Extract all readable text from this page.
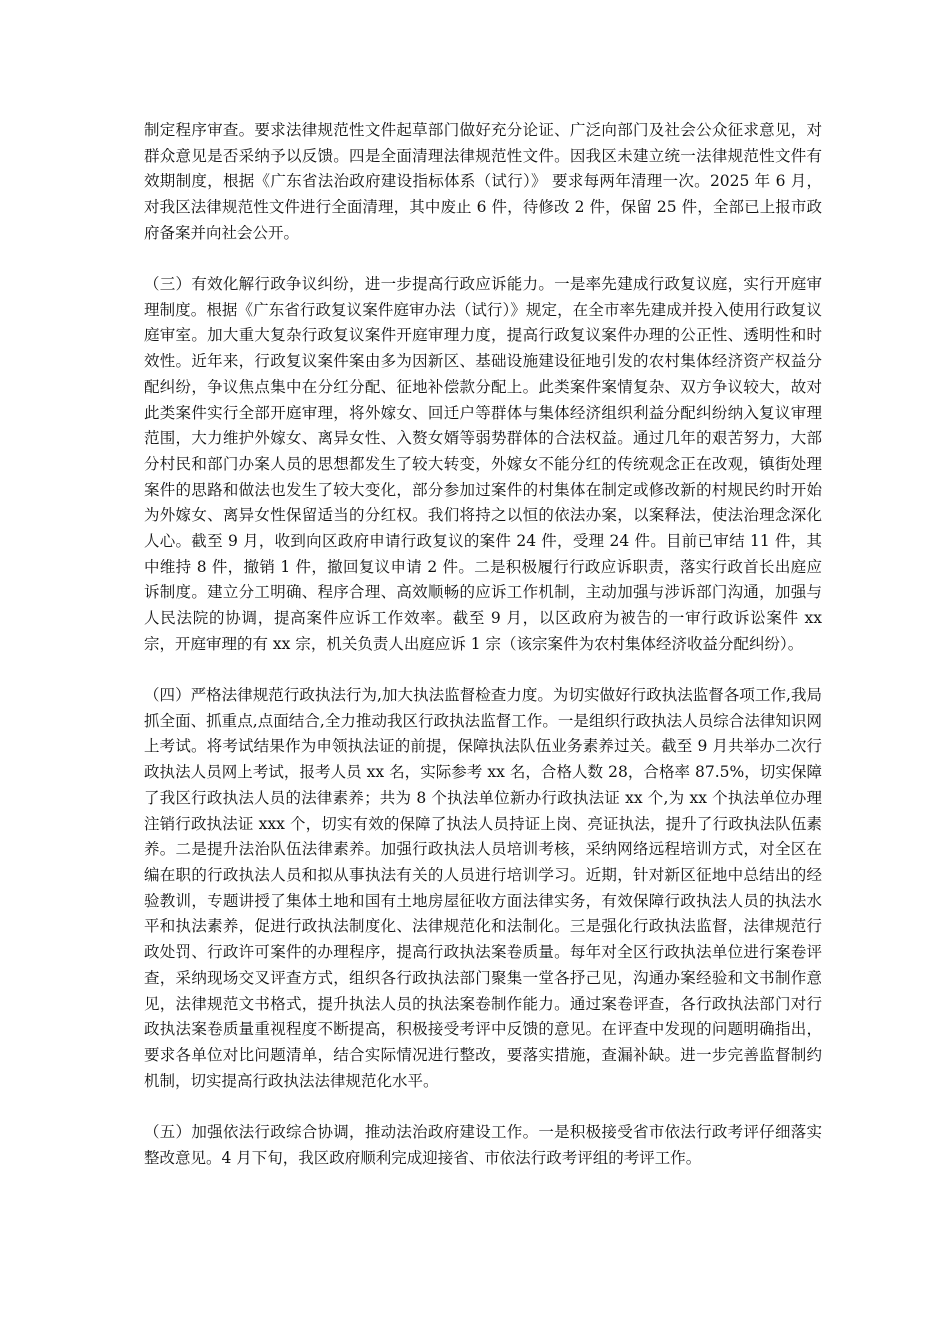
制定程序审查。要求法律规范性文件起草部门做好充分论证、广泛向部门及社会公众征求意见，对群众意见是否采纳予以反馈。四是全面清理法律规范性文件。因我区未建立统一法律规范性文件有效期制度，根据《广东省法治政府建设指标体系（试行）》 要求每两年清理一次。2025 年 6 月，对我区法律规范性文件进行全面清理，其中废止 6 件，待修改 2 件，保留 25 件，全部已上报市政府备案并向社会公开。

（三）有效化解行政争议纠纷，进一步提高行政应诉能力。一是率先建成行政复议庭，实行开庭审理制度。根据《广东省行政复议案件庭审办法（试行）》规定，在全市率先建成并投入使用行政复议庭审室。加大重大复杂行政复议案件开庭审理力度，提高行政复议案件办理的公正性、透明性和时效性。近年来，行政复议案件案由多为因新区、基础设施建设征地引发的农村集体经济资产权益分配纠纷，争议焦点集中在分红分配、征地补偿款分配上。此类案件案情复杂、双方争议较大，故对此类案件实行全部开庭审理，将外嫁女、回迁户等群体与集体经济组织利益分配纠纷纳入复议审理范围，大力维护外嫁女、离异女性、入赘女婿等弱势群体的合法权益。通过几年的艰苦努力，大部分村民和部门办案人员的思想都发生了较大转变，外嫁女不能分红的传统观念正在改观，镇街处理案件的思路和做法也发生了较大变化，部分参加过案件的村集体在制定或修改新的村规民约时开始为外嫁女、离异女性保留适当的分红权。我们将持之以恒的依法办案，以案释法，使法治理念深化人心。截至 9 月，收到向区政府申请行政复议的案件 24 件，受理 24 件。目前已审结 11 件，其中维持 8 件，撤销 1 件，撤回复议申请 2 件。二是积极履行行政应诉职责，落实行政首长出庭应诉制度。建立分工明确、程序合理、高效顺畅的应诉工作机制，主动加强与涉诉部门沟通，加强与人民法院的协调，提高案件应诉工作效率。截至 9 月，以区政府为被告的一审行政诉讼案件 xx 宗，开庭审理的有 xx 宗，机关负责人出庭应诉 1 宗（该宗案件为农村集体经济收益分配纠纷）。

（四）严格法律规范行政执法行为,加大执法监督检查力度。为切实做好行政执法监督各项工作,我局抓全面、抓重点,点面结合,全力推动我区行政执法监督工作。一是组织行政执法人员综合法律知识网上考试。将考试结果作为申领执法证的前提，保障执法队伍业务素养过关。截至 9 月共举办二次行政执法人员网上考试，报考人员 xx 名，实际参考 xx 名，合格人数 28，合格率 87.5%，切实保障了我区行政执法人员的法律素养；共为 8 个执法单位新办行政执法证 xx 个,为 xx 个执法单位办理注销行政执法证 xxx 个，切实有效的保障了执法人员持证上岗、亮证执法，提升了行政执法队伍素养。二是提升法治队伍法律素养。加强行政执法人员培训考核，采纳网络远程培训方式，对全区在编在职的行政执法人员和拟从事执法有关的人员进行培训学习。近期，针对新区征地中总结出的经验教训，专题讲授了集体土地和国有土地房屋征收方面法律实务，有效保障行政执法人员的执法水平和执法素养，促进行政执法制度化、法律规范化和法制化。三是强化行政执法监督，法律规范行政处罚、行政许可案件的办理程序，提高行政执法案卷质量。每年对全区行政执法单位进行案卷评查，采纳现场交叉评查方式，组织各行政执法部门聚集一堂各抒己见，沟通办案经验和文书制作意见，法律规范文书格式，提升执法人员的执法案卷制作能力。通过案卷评查，各行政执法部门对行政执法案卷质量重视程度不断提高，积极接受考评中反馈的意见。在评查中发现的问题明确指出，要求各单位对比问题清单，结合实际情况进行整改，要落实措施，查漏补缺。进一步完善监督制约机制，切实提高行政执法法律规范化水平。

（五）加强依法行政综合协调，推动法治政府建设工作。一是积极接受省市依法行政考评仔细落实整改意见。4 月下旬，我区政府顺利完成迎接省、市依法行政考评组的考评工作。
